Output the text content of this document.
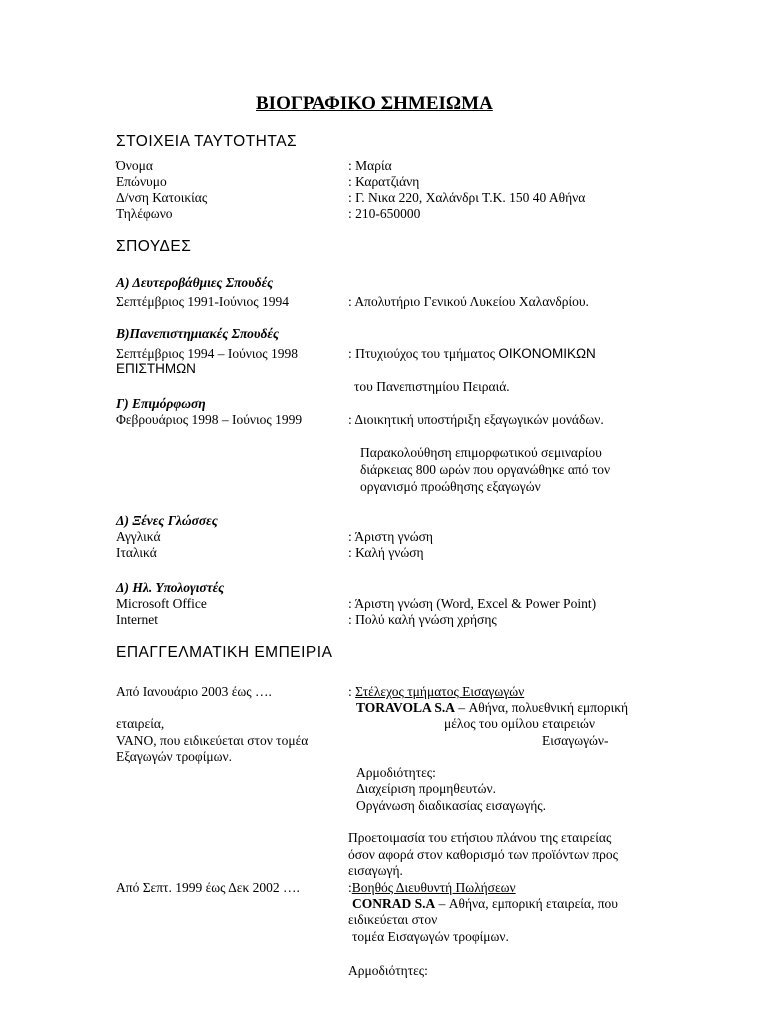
ΒΙΟΓΡΑΦΙΚΟ ΣΗΜΕΙΩΜΑ
ΣΤΟΙΧΕΙΑ ΤΑΥΤΟΤΗΤΑΣ
Όνομα	: Μαρία
Επώνυμο	: Καρατζιάνη
Δ/νση Κατοικίας	: Γ. Νικα 220, Χαλάνδρι Τ.Κ. 150 40 Αθήνα
Τηλέφωνο	: 210-650000
ΣΠΟΥΔΕΣ
Α) Δευτεροβάθμιες Σπουδές
Σεπτέμβριος 1991-Ιούνιος 1994	: Απολυτήριο Γενικού Λυκείου Χαλανδρίου.
Β)Πανεπιστημιακές Σπουδές
Σεπτέμβριος 1994 – Ιούνιος 1998	: Πτυχιούχος του τμήματος ΟΙΚΟΝΟΜΙΚΩΝ
ΕΠΙΣΤΗΜΩΝ
του Πανεπιστημίου Πειραιά.
Γ) Επιμόρφωση
Φεβρουάριος 1998 – Ιούνιος 1999	: Διοικητική υποστήριξη εξαγωγικών μονάδων.
Παρακολούθηση επιμορφωτικού σεμιναρίου
διάρκειας 800 ωρών που οργανώθηκε από τον
οργανισμό προώθησης εξαγωγών
Δ) Ξένες Γλώσσες
Αγγλικά	: Άριστη γνώση
Ιταλικά	: Καλή γνώση
Δ) Ηλ. Υπολογιστές
Microsoft Office	: Άριστη γνώση (Word, Excel & Power Point)
Internet	: Πολύ καλή γνώση χρήσης
ΕΠΑΓΓΕΛΜΑΤΙΚΗ ΕΜΠΕΙΡΙΑ
Από Ιανουάριο 2003 έως ….	: Στέλεχος τμήματος Εισαγωγών
TORAVOLA S.A – Αθήνα, πολυεθνική εμπορική
εταιρεία,	μέλος του ομίλου εταιρειών
VANO, που ειδικεύεται στον τομέα	Εισαγωγών-
Εξαγωγών τροφίμων.
Αρμοδιότητες:
Διαχείριση προμηθευτών.
Οργάνωση διαδικασίας εισαγωγής.
Προετοιμασία του ετήσιου πλάνου της εταιρείας
όσον αφορά στον καθορισμό των προϊόντων προς
εισαγωγή.
Από Σεπτ. 1999 έως Δεκ 2002 ….	:Βοηθός Διευθυντή Πωλήσεων
CONRAD S.A – Αθήνα, εμπορική εταιρεία, που
ειδικεύεται στον
τομέα Εισαγωγών τροφίμων.
Αρμοδιότητες:
